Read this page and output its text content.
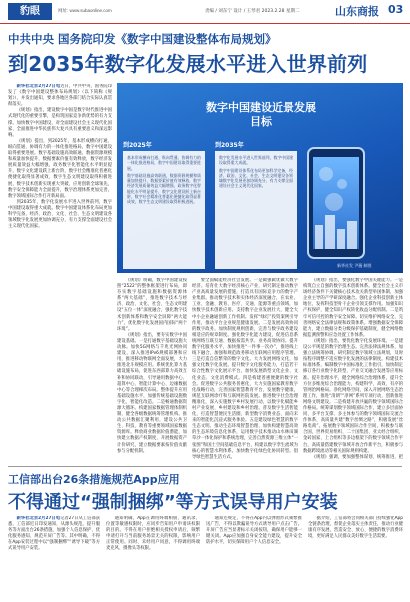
豹眼	网址: www.subaonline.com	责编 / 刘东宁 设计 / 王琴君 2023.2.28 星期二	山东商报 03
中共中央 国务院印发《数字中国建设整体布局规划》
到2035年数字化发展水平进入世界前列

新华社北京2月27日电近日，中共中央、国务院印发了《数字中国建设整体布局规划》（以下简称《规划》），并发出通知，要求各地区各部门结合实际认真贯彻落实。

《规划》指出，建设数字中国是数字时代推进中国式现代化的重要引擎，是构筑国家竞争新优势的有力支撑。加快数字中国建设，对全面建设社会主义现代化国家、全面推进中华民族伟大复兴具有重要意义和深远影响。

《规划》提出，到2025年，基本形成横向打通、纵向贯通、协调有力的一体化推进格局，数字中国建设取得重要进展。数字基础设施高效联通，数据资源规模和质量加快提升，数据要素价值有效释放，数字经济发展质量效益大幅增强，政务数字化智能化水平明显提升，数字文化建设跃上新台阶，数字社会精准化普惠化便捷化取得显著成效，数字生态文明建设取得积极进展，数字技术创新实现重大突破，应用创新全球领先，数字安全保障能力全面提升，数字治理体系更加完善，数字领域国际合作打开新局面。

到2035年，数字化发展水平进入世界前列，数字中国建设取得重大成就。数字中国建设体系化布局更加科学完备，经济、政治、文化、社会、生态文明建设各领域数字化发展更加协调充分，有力支撑全面建设社会主义现代化国家。

数字中国建设近景发展目标
到2025年	到2035年

基本形成横向打通、纵向贯通、协调有力的一体化推进格局，数字中国建设取得重要进展。

数字基础设施高效联通，数据资源规模和质量加快提升，数据要素价值有效释放，数字经济发展质量效益大幅增强，政务数字化智能化水平明显提升，数字文化建设跃上新台阶，数字社会精准化普惠化便捷化取得显著成效，数字生态文明建设取得积极进展。

数字化发展水平进入世界前列，数字中国建设取得重大成就。

数字中国建设体系化布局更加科学完备，经济、政治、文化、社会、生态文明建设各领域数字化发展更加协调充分，有力支撑全面建设社会主义现代化国家。

新华社发 尹薇 制图

《规划》明确，数字中国建设按照“2522”的整体框架进行布局，即夯实数字基础设施和数据资源体系“两大基础”，推进数字技术与经济、政治、文化、社会、生态文明建设“五位一体”深度融合，强化数字技术创新体系和数字安全屏障“两大能力”，优化数字化发展国内国际“两个环境”。

《规划》指出，要夯实数字中国建设基础。一是打通数字基础设施大动脉。加快5G网络与千兆光网协同建设，深入推进IPv6规模部署和应用，推进移动物联网全面发展，大力推进北斗规模应用。系统优化算力基础设施布局，促进东西部算力高效互补和协同联动，引导通用数据中心、超算中心、智能计算中心、边缘数据中心等合理梯次布局。整体提升应用基础设施水平，加强传统基础设施数字化、智能化改造。二是畅通数据资源大循环。构建国家数据管理体制机制，健全各级数据统筹管理机构。推动公共数据汇聚利用，建设公共卫生、科技、教育等重要领域国家数据资源库。释放商业数据价值潜能，加快建立数据产权制度，开展数据资产计价研究，建立数据要素按价值贡献参与分配机制。

要全面赋能经济社会发展。一是做强做优做大数字经济。培育壮大数字经济核心产业，研究制定推动数字产业高质量发展的措施，打造具有国际竞争力的数字产业集群。推动数字技术和实体经济深度融合，在农业、工业、金融、教育、医疗、交通、能源等重点领域，加快数字技术创新应用。支持数字企业发展壮大，健全大中小企业融通创新工作机制。发挥“绿灯”投资案例引导作用，推动平台企业规范健康发展。二是发展高效协同的数字政务。加快制度规则创新，完善与数字政务建设相适应的规章制度。强化数字化能力建设，促进信息系统网络互联互通、数据按需共享、业务高效协同。提升数字化服务水平，加快推进“一件事一次办”，推进线上线下融合，加强和规范政务移动互联网应用程序管理。三是打造自信繁荣的数字文化。大力发展网络文化，加强文化数字化发展。提升数字文化服务能力，打造若干综合性数字文化展示平台，加快发展新型文化企业、文化业态、文化消费模式。四是构建普惠便捷的数字社会。促进数字公共服务普惠化，大力实施国家教育数字化战略行动，完善国家智慧教育平台，发展数字健康，规范互联网诊疗和互联网医院发展。推进数字社会治理精准化，深入实施数字乡村发展行动，以数字化赋能乡村产业发展、乡村建设和乡村治理。普及数字生活智能化，打造智慧便民生活圈、新型数字消费业态、面向未来的智能化沉浸式服务体验。五是建设绿色智慧的数字生态文明。推动生态环境智慧治理，加快构建智慧高效的生态环境信息化体系，运用数字技术推动山水林田湖草沙一体化保护和系统治理，完善自然资源三维立体“一张图”和国土空间基础信息平台，构建以数字孪生流域为核心的智慧水利体系。加快数字化绿色化协同转型。倡导绿色智慧生活方式。

《规划》指出，要强化数字中国关键能力。一是构筑自立自强的数字技术创新体系。健全社会主义市场经济条件下关键核心技术攻关新型举国体制，加强企业主导的产学研深度融合。强化企业科技创新主体地位，发挥科技型骨干企业引领支撑作用。加强知识产权保护，健全知识产权转化收益分配机制。二是筑牢可信可控的数字安全屏障。切实维护网络安全，完善网络安全法律法规和政策体系。增强数据安全保障能力，建立数据分类分级保护基础制度，健全网络数据监测预警和应急处置工作体系。

《规划》指出，要优化数字化发展环境。一是建设公平规范的数字治理生态。完善法律法规体系，加强立法统筹协调，研究制定数字领域立法规划，及时按程序调整不适应数字化发展的法律制度。构建技术标准体系，编制数字中国标准化工作指引，加快制定修订各行业数字化转型、产业交叉融合发展等应用标准。提升治理水平，健全网络综合治理体系，提升全方位多维度综合治理能力，构建科学、高效、有序的管网治网格局。净化网络空间，深入开展网络生态治理工作，推进“清朗”“净网”系列专项行动，创新推进网络文明建设。二是构建开放共赢的数字领域国际合作格局。统筹谋划数字领域国际合作，建立多层面协同、多平台支撑、多主体参与的数字领域国际交流合作体系，高质量共建“数字丝绸之路”，积极发展“丝路电商”。拓展数字领域国际合作空间，积极参与联合国、世界贸易组织、二十国集团、亚太经合组织、金砖国家、上合组织等多边框架下的数字领域合作平台，高质量搭建数字领域开放合作新平台，积极参与数据跨境流动等相关国际规则构建。

《规划》强调，要加强整体谋划、统筹推进，把

工信部出台26条措施规范App应用
不得通过“强制捆绑”等方式误导用户安装

新华社北京2月27日电记者27日从工信部获悉，工信部近日印发通知，从源头规范、提升服务等方面出台26条措施，加强个人信息保护、优化服务感知、规范开屏广告等。其中明确，不得在App安装过程中以“强制捆绑”“诱导下载”等方式误导用户安装。

通知明确，App在调用终端相册、通讯录、位置等敏感权限时，应同步告知用户申请该权限的目的。不得在用户拒绝相关授权申请后，频繁申请打开与当前服务场景无关的权限，影响用户正常使用。同时，未经用户同意，不得调用终端麦克风、摄像头等权限。

通知还规定，不得在App内以弹窗形式频繁推送广告，不得以欺骗误导方式诱导用户点击广告。开屏广告应当显著标示关闭按钮，确保用户能够一键关闭。App应加强自身安全能力建设，提升安全防护水平，切实保障用户个人信息安全。

据介绍，工信部将会同相关部门持续强化App全链条治理，督促企业落实主体责任，推动行业健康有序发展，营造安全、放心、便捷的数字消费环境，更好满足人民群众美好数字生活需要。
